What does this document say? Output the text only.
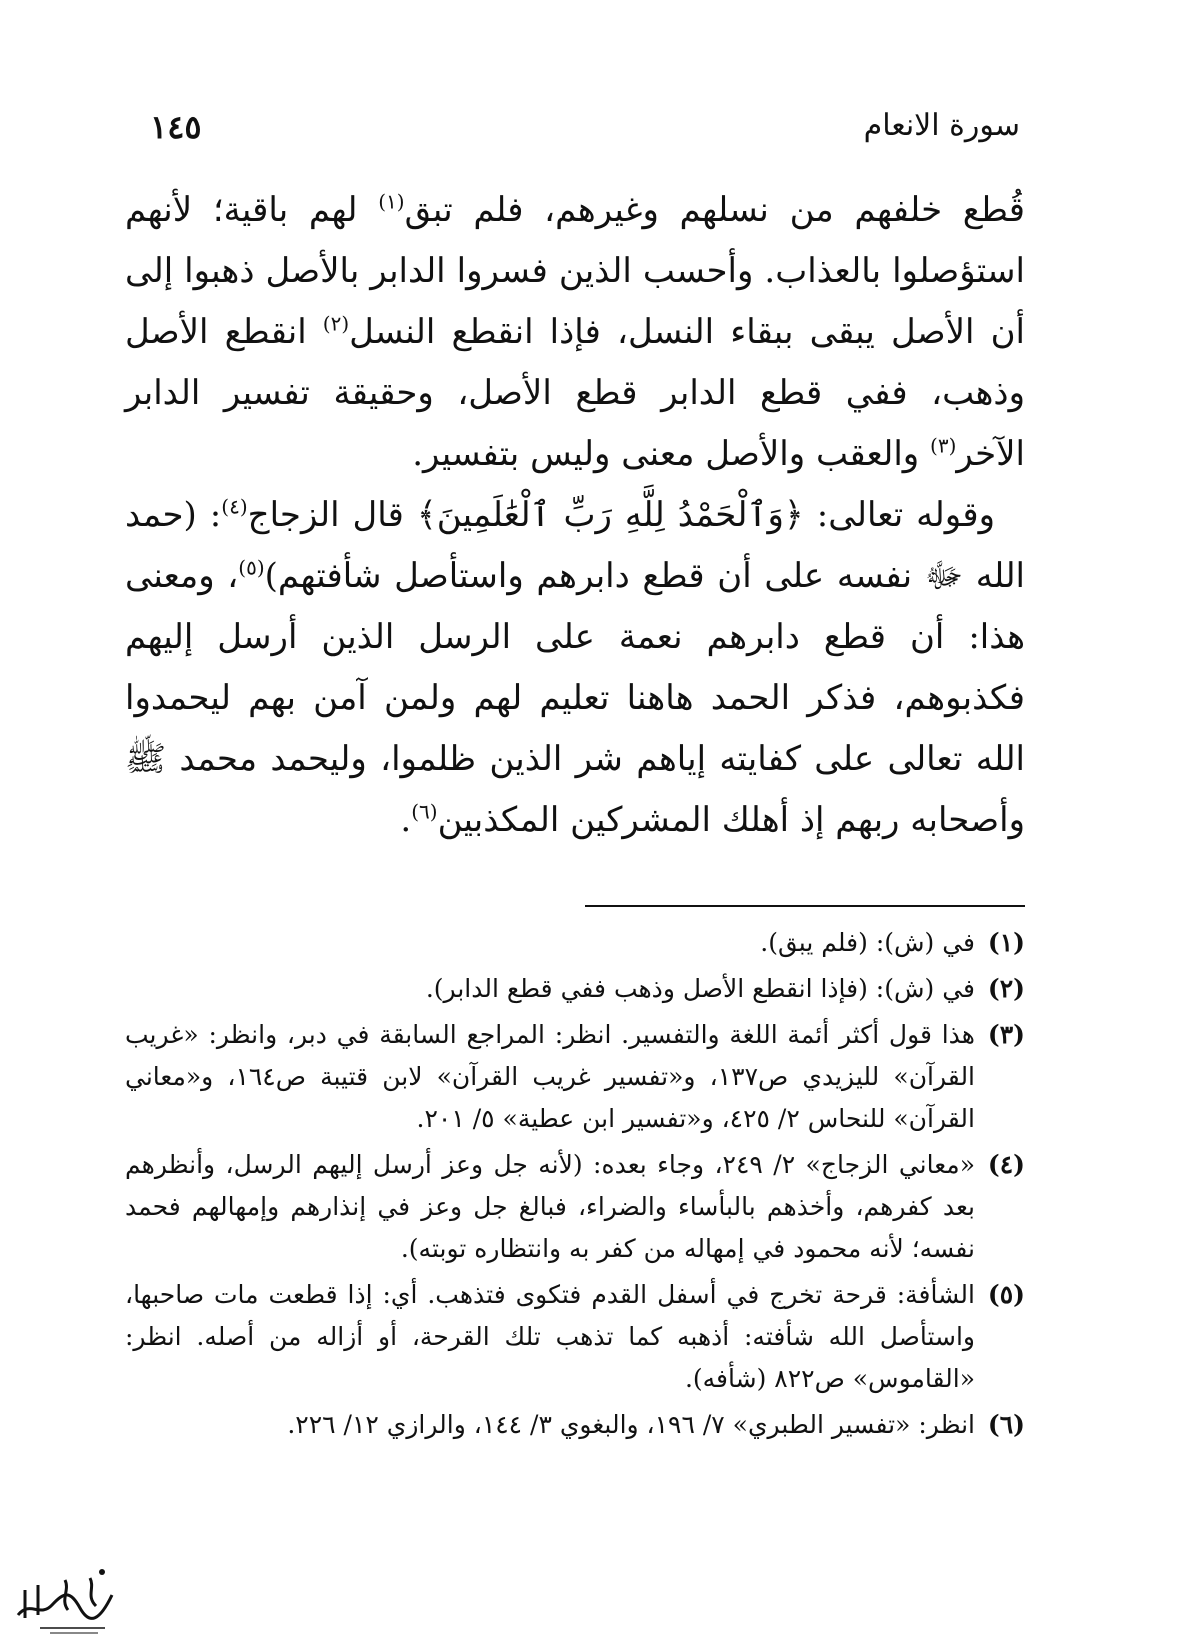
سورة الانعام
١٤٥

قُطع خلفهم من نسلهم وغيرهم، فلم تبق$^{(١)}$ لهم باقية؛ لأنهم استؤصلوا بالعذاب. وأحسب الذين فسروا الدابر بالأصل ذهبوا إلى أن الأصل يبقى ببقاء النسل، فإذا انقطع النسل$^{(٢)}$ انقطع الأصل وذهب، ففي قطع الدابر قطع الأصل، وحقيقة تفسير الدابر الآخر$^{(٣)}$ والعقب والأصل معنى وليس بتفسير.

وقوله تعالى: ﴿وَٱلْحَمْدُ لِلَّهِ رَبِّ ٱلْعَٰلَمِينَ﴾ قال الزجاج$^{(٤)}$: (حمد الله ﷻ نفسه على أن قطع دابرهم واستأصل شأفتهم)$^{(٥)}$، ومعنى هذا: أن قطع دابرهم نعمة على الرسل الذين أرسل إليهم فكذبوهم، فذكر الحمد هاهنا تعليم لهم ولمن آمن بهم ليحمدوا الله تعالى على كفايته إياهم شر الذين ظلموا، وليحمد محمد ﷺ وأصحابه ربهم إذ أهلك المشركين المكذبين$^{(٦)}$.

(١)
في (ش): (فلم يبق).
(٢)
في (ش): (فإذا انقطع الأصل وذهب ففي قطع الدابر).
(٣)
هذا قول أكثر أئمة اللغة والتفسير. انظر: المراجع السابقة في دبر، وانظر: «غريب القرآن» لليزيدي ص١٣٧، و«تفسير غريب القرآن» لابن قتيبة ص١٦٤، و«معاني القرآن» للنحاس ٢/ ٤٢٥، و«تفسير ابن عطية» ٥/ ٢٠١.
(٤)
«معاني الزجاج» ٢/ ٢٤٩، وجاء بعده: (لأنه جل وعز أرسل إليهم الرسل، وأنظرهم بعد كفرهم، وأخذهم بالبأساء والضراء، فبالغ جل وعز في إنذارهم وإمهالهم فحمد نفسه؛ لأنه محمود في إمهاله من كفر به وانتظاره توبته).
(٥)
الشأفة: قرحة تخرج في أسفل القدم فتكوى فتذهب. أي: إذا قطعت مات صاحبها، واستأصل الله شأفته: أذهبه كما تذهب تلك القرحة، أو أزاله من أصله. انظر: «القاموس» ص٨٢٢ (شأفه).
(٦)
انظر: «تفسير الطبري» ٧/ ١٩٦، والبغوي ٣/ ١٤٤، والرازي ١٢/ ٢٢٦.
